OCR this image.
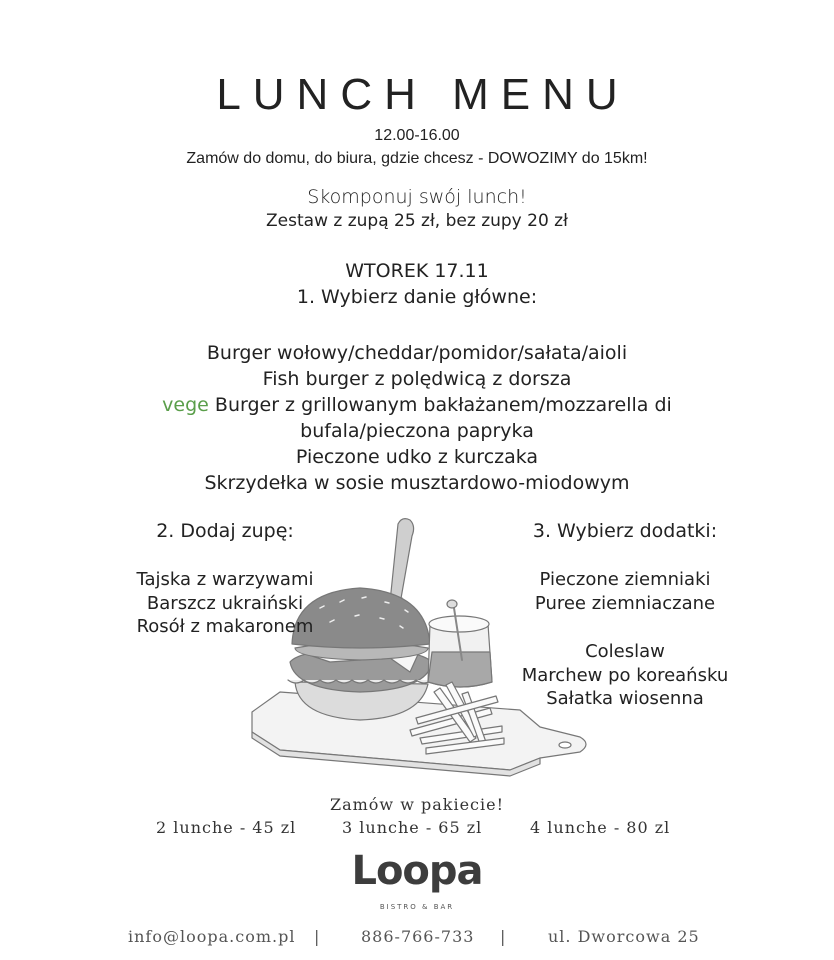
LUNCH MENU
12.00-16.00
Zamów do domu, do biura, gdzie chcesz - DOWOZIMY do 15km!
Skomponuj swój lunch!
Zestaw z zupą 25 zł, bez zupy 20 zł
WTOREK 17.11
1. Wybierz danie główne:
Burger wołowy/cheddar/pomidor/sałata/aioli
Fish burger z polędwicą z dorsza
vege Burger z grillowanym bakłażanem/mozzarella di
bufala/pieczona papryka
Pieczone udko z kurczaka
Skrzydełka w sosie musztardowo-miodowym
2. Dodaj zupę:
Tajska z warzywami
Barszcz ukraiński
Rosół z makaronem
3. Wybierz dodatki:
Pieczone ziemniaki
Puree ziemniaczane
Coleslaw
Marchew po koreańsku
Sałatka wiosenna
Zamów w pakiecie!
2 lunche - 45 zl	3 lunche - 65 zl	4 lunche - 80 zl
Loopa
BISTRO & BAR
info@loopa.com.pl |	886-766-733 |	ul. Dworcowa 25
